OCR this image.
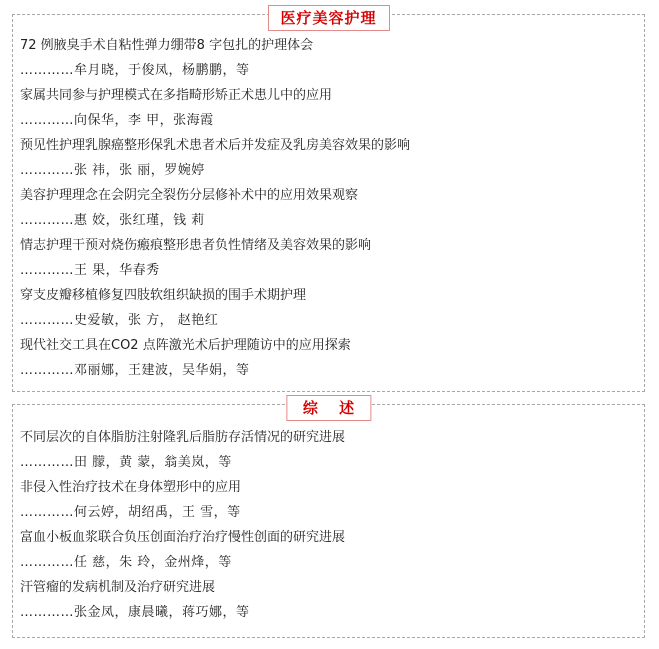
医疗美容护理
72 例腋臭手术自粘性弹力绷带8 字包扎的护理体会
…………牟月晓，于俊凤，杨鹏鹏，等
家属共同参与护理模式在多指畸形矫正术患儿中的应用
…………向保华，李 甲，张海霞
预见性护理乳腺癌整形保乳术患者术后并发症及乳房美容效果的影响
…………张 祎，张 丽，罗婉婷
美容护理理念在会阴完全裂伤分层修补术中的应用效果观察
…………惠 姣，张红瑾，钱 莉
情志护理干预对烧伤瘢痕整形患者负性情绪及美容效果的影响
…………王 果，华春秀
穿支皮瓣移植修复四肢软组织缺损的围手术期护理
…………史爱敏，张 方， 赵艳红
现代社交工具在CO2 点阵激光术后护理随访中的应用探索
…………邓丽娜，王建波，吴华娟，等
综 述
不同层次的自体脂肪注射隆乳后脂肪存活情况的研究进展
…………田 朦，黄 蒙，翁美岚，等
非侵入性治疗技术在身体塑形中的应用
…………何云婷，胡绍禹，王 雪，等
富血小板血浆联合负压创面治疗治疗慢性创面的研究进展
…………任 慈，朱 玲，金州烽，等
汗管瘤的发病机制及治疗研究进展
…………张金凤，康晨曦，蒋巧娜，等
